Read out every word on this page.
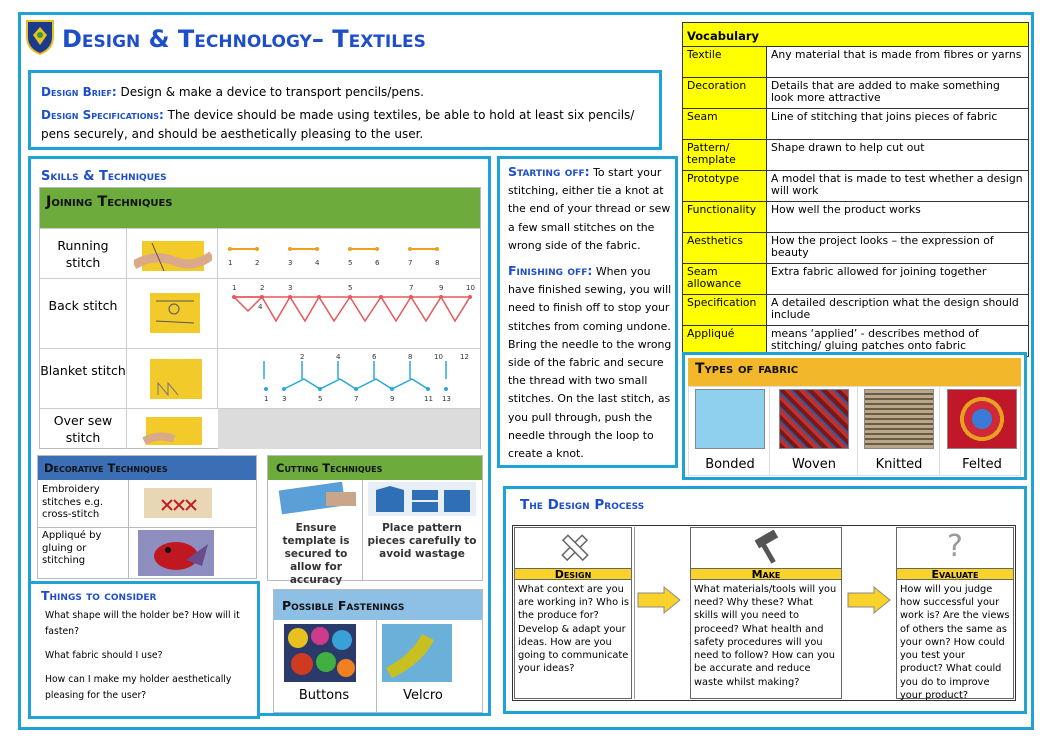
Design & Technology– Textiles
Design Brief: Design & make a device to transport pencils/pens.
Design Specifications: The device should be made using textiles, be able to hold at least six pencils/ pens securely, and should be aesthetically pleasing to the user.
Skills & Techniques
Joining Techniques
Running stitch	1	2	3	4	5	6	7	8
Back stitch
1	2	3	5	7	9	10
4
Blanket stitch
2	4	6	8	10 12
1 3	5	7	9	11 13
Over sew stitch
Decorative Techniques
Embroidery stitches e.g. cross-stitch
Appliqué by gluing or stitching
Cutting Techniques
Ensure template is secured to allow for accuracy
Place pattern pieces carefully to avoid wastage
Things to consider
What shape will the holder be? How will it fasten?
What fabric should I use?
How can I make my holder aesthetically pleasing for the user?
Possible Fastenings
Buttons	Velcro
Starting off: To start your stitching, either tie a knot at the end of your thread or sew a few small stitches on the wrong side of the fabric.
Finishing off: When you have finished sewing, you will need to finish off to stop your stitches from coming undone. Bring the needle to the wrong side of the fabric and secure the thread with two small stitches. On the last stitch, as you pull through, push the needle through the loop to create a knot.
Vocabulary
Textile	Any material that is made from fibres or yarns
Decoration	Details that are added to make something look more attractive
Seam	Line of stitching that joins pieces of fabric
Pattern/ template	Shape drawn to help cut out
Prototype	A model that is made to test whether a design will work
Functionality	How well the product works
Aesthetics	How the project looks – the expression of beauty
Seam allowance	Extra fabric allowed for joining together
Specification	A detailed description what the design should include
Appliqué	means ‘applied’ - describes method of stitching/ gluing patches onto fabric
Types of fabric
Bonded	Woven	Knitted	Felted
The Design Process
Design
What context are you are working in? Who is the produce for? Develop & adapt your ideas. How are you going to communicate your ideas?
Make
What materials/tools will you need? Why these? What skills will you need to proceed? What health and safety procedures will you need to follow? How can you be accurate and reduce waste whilst making?
?
Evaluate
How will you judge how successful your work is? Are the views of others the same as your own? How could you test your product? What could you do to improve your product?
